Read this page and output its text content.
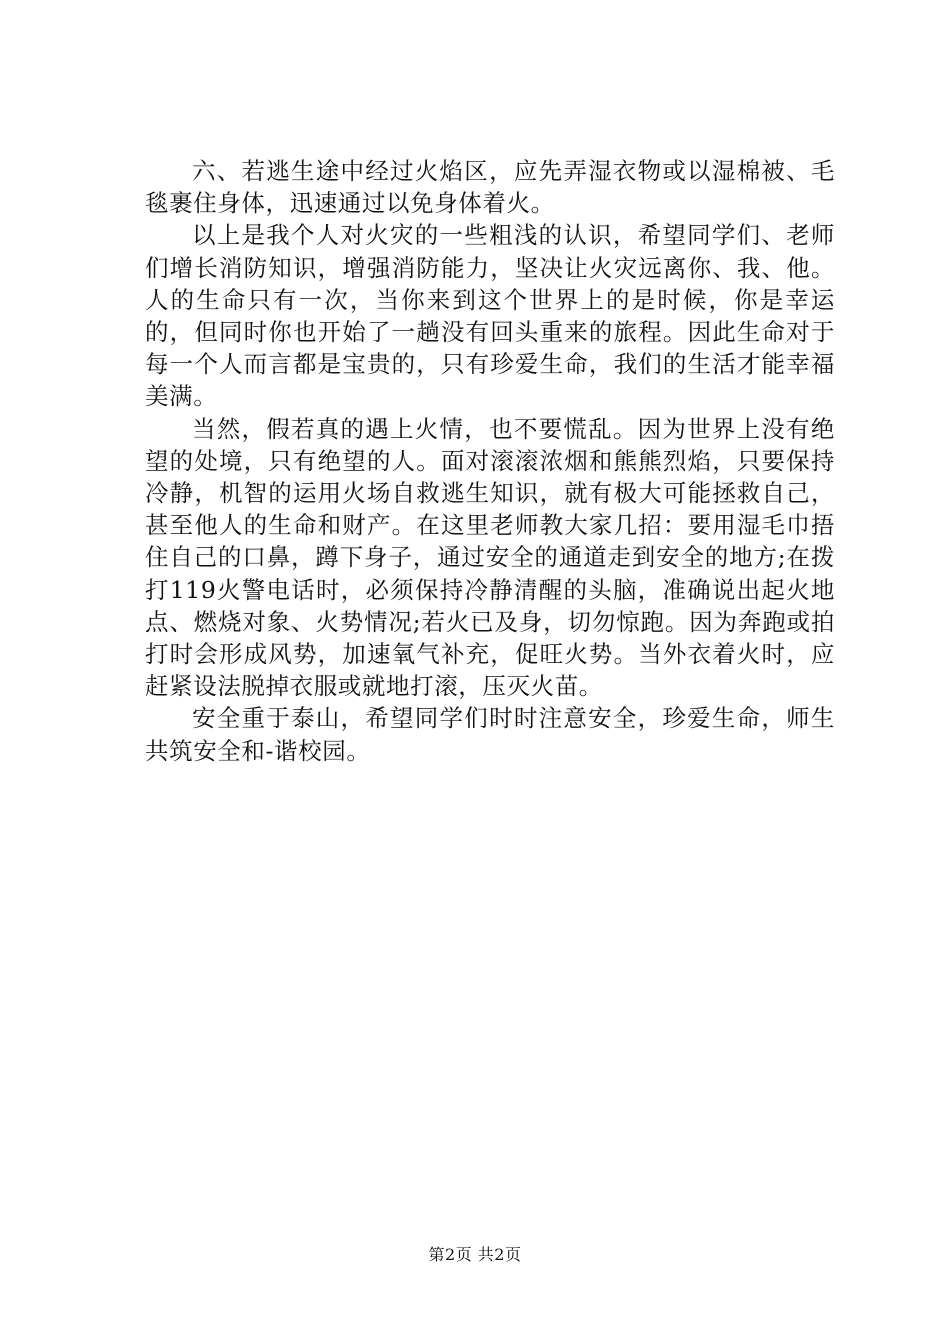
六、若逃生途中经过火焰区，应先弄湿衣物或以湿棉被、毛毯裹住身体，迅速通过以免身体着火。

以上是我个人对火灾的一些粗浅的认识，希望同学们、老师们增长消防知识，增强消防能力，坚决让火灾远离你、我、他。人的生命只有一次，当你来到这个世界上的是时候，你是幸运的，但同时你也开始了一趟没有回头重来的旅程。因此生命对于每一个人而言都是宝贵的，只有珍爱生命，我们的生活才能幸福美满。

当然，假若真的遇上火情，也不要慌乱。因为世界上没有绝望的处境，只有绝望的人。面对滚滚浓烟和熊熊烈焰，只要保持冷静，机智的运用火场自救逃生知识，就有极大可能拯救自己，甚至他人的生命和财产。在这里老师教大家几招：要用湿毛巾捂住自己的口鼻，蹲下身子，通过安全的通道走到安全的地方;在拨打119火警电话时，必须保持冷静清醒的头脑，准确说出起火地点、燃烧对象、火势情况;若火已及身，切勿惊跑。因为奔跑或拍打时会形成风势，加速氧气补充，促旺火势。当外衣着火时，应赶紧设法脱掉衣服或就地打滚，压灭火苗。

安全重于泰山，希望同学们时时注意安全，珍爱生命，师生共筑安全和-谐校园。

第2页 共2页
